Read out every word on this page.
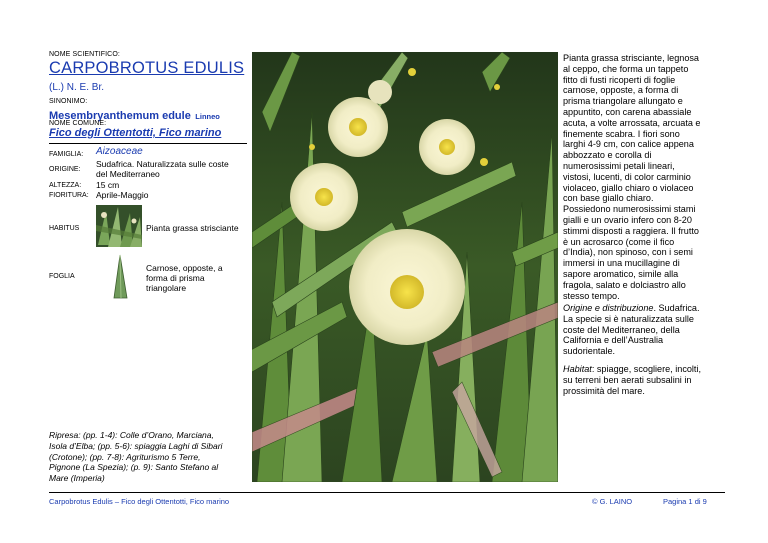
NOME SCIENTIFICO:
CARPOBROTUS EDULIS
(L.) N. E. Br.
SINONIMO:
Mesembryanthemum edule Linneo
NOME COMUNE:
Fico degli Ottentotti, Fico marino
FAMIGLIA: Aizoaceae
ORIGINE:
Sudafrica. Naturalizzata sulle coste
del Mediterraneo
ALTEZZA: 15 cm
FIORITURA: Aprile-Maggio
HABITUS	Pianta grassa strisciante
FOGLIA
Carnose, opposte, a
forma di prisma
triangolare
Ripresa: (pp. 1-4): Colle d’Orano, Marciana,
Isola d’Elba; (pp. 5-6): spiaggia Laghi di Sibari
(Crotone); (pp. 7-8): Agriturismo 5 Terre,
Pignone (La Spezia); (p. 9): Santo Stefano al
Mare (Imperia)
Pianta grassa strisciante, legnosa
al ceppo, che forma un tappeto
fitto di fusti ricoperti di foglie
carnose, opposte, a forma di
prisma triangolare allungato e
appuntito, con carena abassiale
acuta, a volte arrossata, arcuata e
finemente scabra. I fiori sono
larghi 4-9 cm, con calice appena
abbozzato e corolla di
numerosissimi petali lineari,
vistosi, lucenti, di color carminio
violaceo, giallo chiaro o violaceo
con base giallo chiaro.
Possiedono numerosissimi stami
gialli e un ovario infero con 8-20
stimmi disposti a raggiera. Il frutto
è un acrosarco (come il fico
d’India), non spinoso, con i semi
immersi in una mucillagine di
sapore aromatico, simile alla
fragola, salato e dolciastro allo
stesso tempo.
Origine e distribuzione. Sudafrica.
La specie si è naturalizzata sulle
coste del Mediterraneo, della
California e dell’Australia
sudorientale.
Habitat: spiagge, scogliere, incolti,
su terreni ben aerati subsalini in
prossimità del mare.
Carpobrotus Edulis – Fico degli Ottentotti, Fico marino	© G. LAINO	Pagina 1 di 9
